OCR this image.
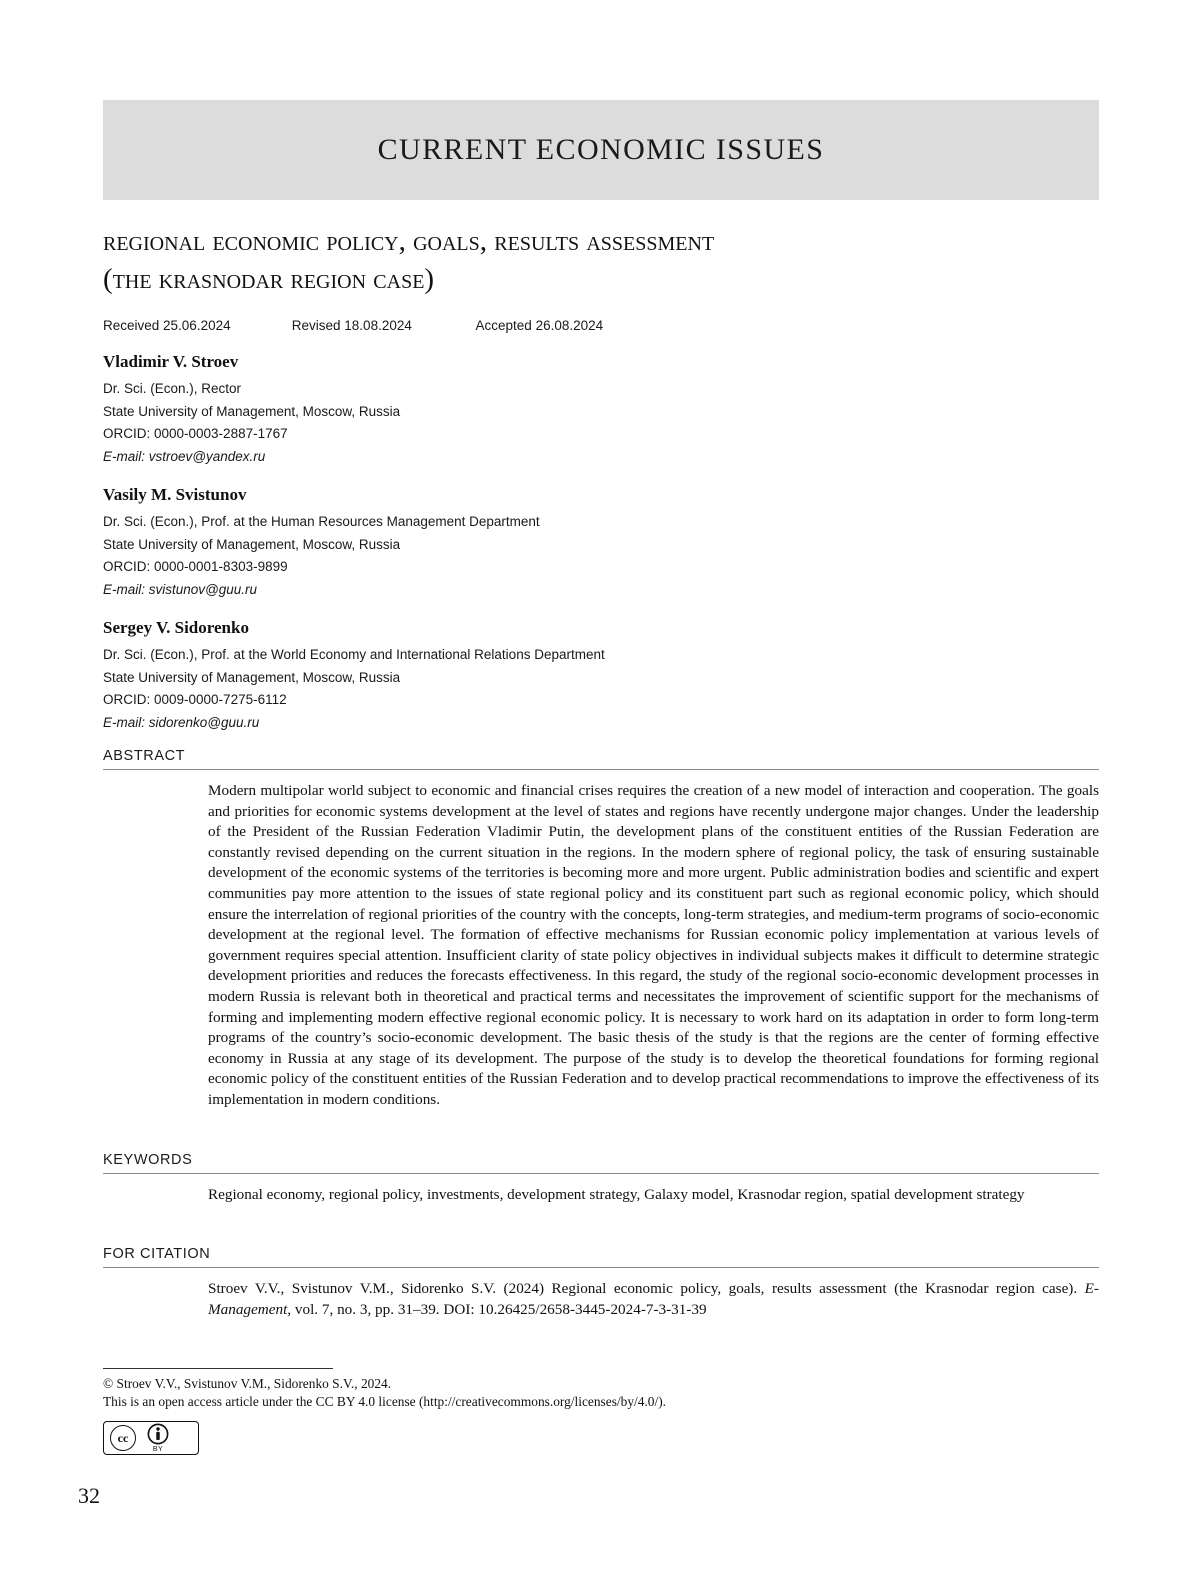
CURRENT ECONOMIC ISSUES
regional economic policy, goals, results assessment
(the krasnodar region case)
Received 25.06.2024	Revised 18.08.2024	Accepted 26.08.2024
Vladimir V. Stroev
Dr. Sci. (Econ.), Rector
State University of Management, Moscow, Russia
ORCID: 0000-0003-2887-1767
E-mail: vstroev@yandex.ru
Vasily M. Svistunov
Dr. Sci. (Econ.), Prof. at the Human Resources Management Department
State University of Management, Moscow, Russia
ORCID: 0000-0001-8303-9899
E-mail: svistunov@guu.ru
Sergey V. Sidorenko
Dr. Sci. (Econ.), Prof. at the World Economy and International Relations Department
State University of Management, Moscow, Russia
ORCID: 0009-0000-7275-6112
E-mail: sidorenko@guu.ru
ABSTRACT
Modern multipolar world subject to economic and financial crises requires the creation of a new model of interaction and cooperation. The goals and priorities for economic systems development at the level of states and regions have recently undergone major changes. Under the leadership of the President of the Russian Federation Vladimir Putin, the development plans of the constituent entities of the Russian Federation are constantly revised depending on the current situation in the regions. In the modern sphere of regional policy, the task of ensuring sustainable development of the economic systems of the territories is becoming more and more urgent. Public administration bodies and scientific and expert communities pay more attention to the issues of state regional policy and its constituent part such as regional economic policy, which should ensure the interrelation of regional priorities of the country with the concepts, long-term strategies, and medium-term programs of socio-economic development at the regional level. The formation of effective mechanisms for Russian economic policy implementation at various levels of government requires special attention. Insufficient clarity of state policy objectives in individual subjects makes it difficult to determine strategic development priorities and reduces the forecasts effectiveness. In this regard, the study of the regional socio-economic development processes in modern Russia is relevant both in theoretical and practical terms and necessitates the improvement of scientific support for the mechanisms of forming and implementing modern effective regional economic policy. It is necessary to work hard on its adaptation in order to form long-term programs of the country’s socio-economic development. The basic thesis of the study is that the regions are the center of forming effective economy in Russia at any stage of its development. The purpose of the study is to develop the theoretical foundations for forming regional economic policy of the constituent entities of the Russian Federation and to develop practical recommendations to improve the effectiveness of its implementation in modern conditions.
KEYWORDS
Regional economy, regional policy, investments, development strategy, Galaxy model, Krasnodar region, spatial development strategy
FOR CITATION
Stroev V.V., Svistunov V.M., Sidorenko S.V. (2024) Regional economic policy, goals, results assessment (the Krasnodar region case). E-Management, vol. 7, no. 3, pp. 31–39. DOI: 10.26425/2658-3445-2024-7-3-31-39
© Stroev V.V., Svistunov V.M., Sidorenko S.V., 2024.
This is an open access article under the CC BY 4.0 license (http://creativecommons.org/licenses/by/4.0/).
cc
BY
32
